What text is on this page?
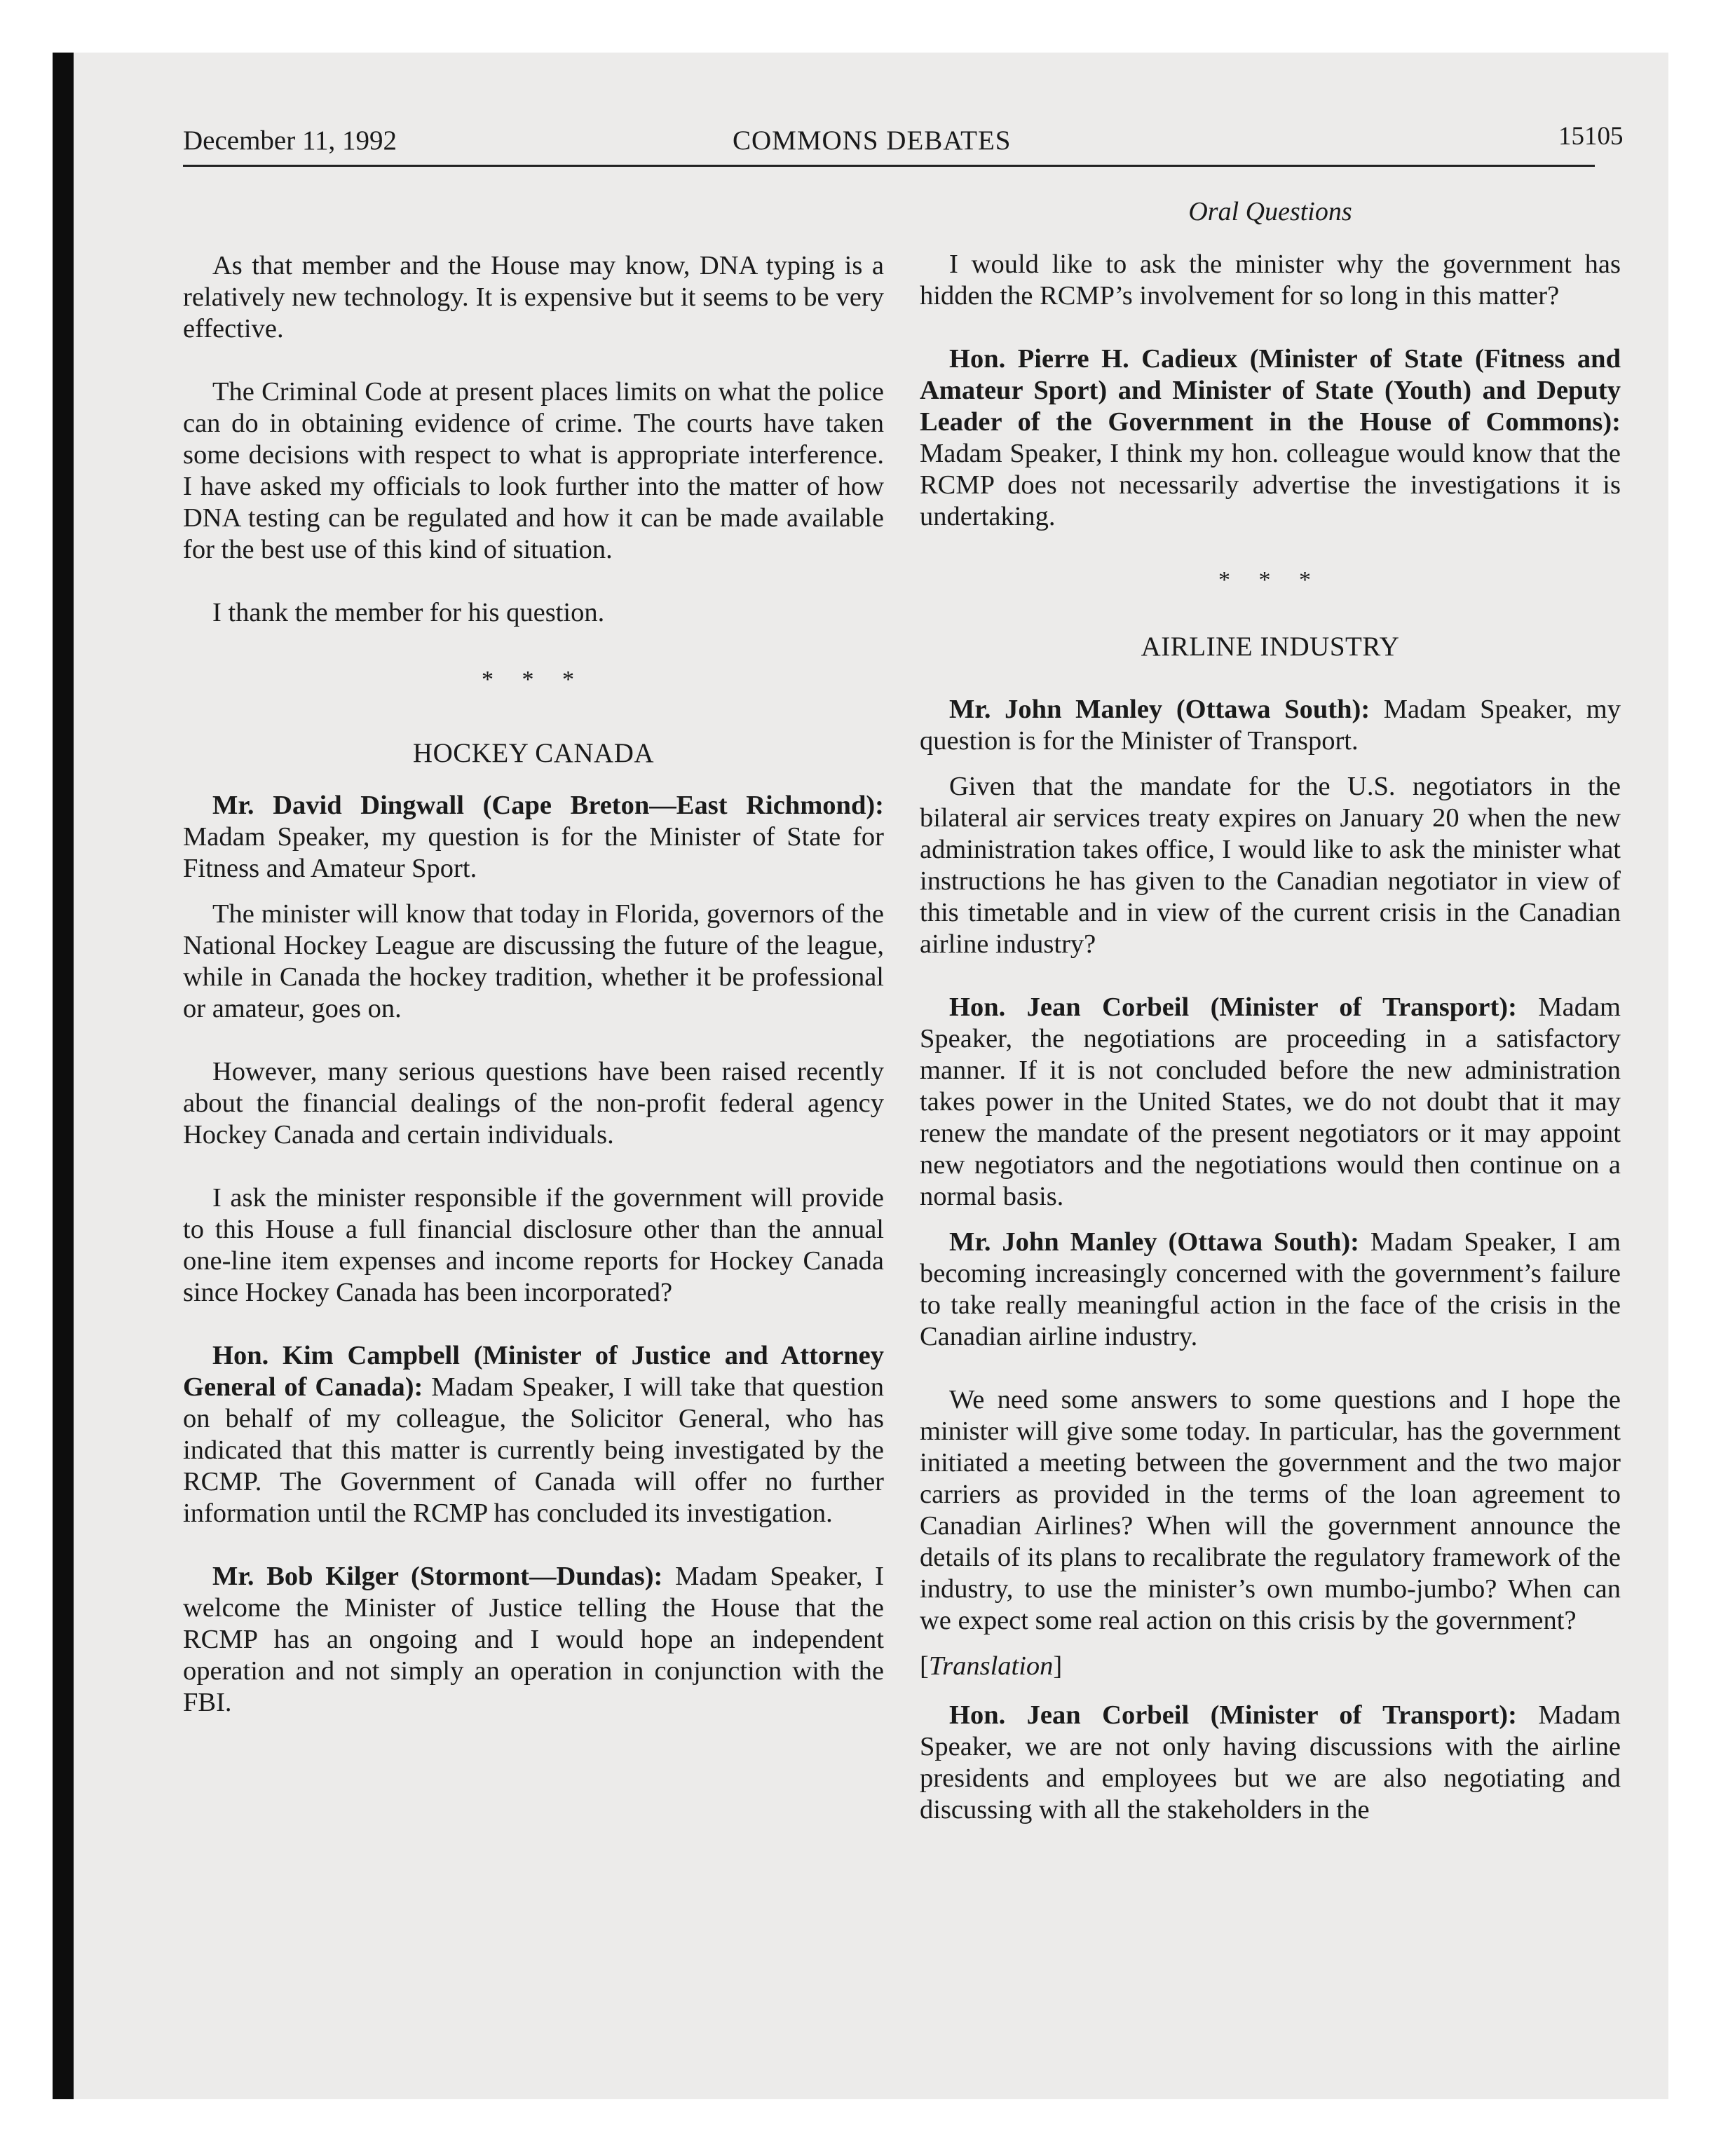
December 11, 1992	COMMONS DEBATES	15105

As that member and the House may know, DNA typing is a relatively new technology. It is expensive but it seems to be very effective.

The Criminal Code at present places limits on what the police can do in obtaining evidence of crime. The courts have taken some decisions with respect to what is appropriate interference. I have asked my officials to look further into the matter of how DNA testing can be regulated and how it can be made available for the best use of this kind of situation.

I thank the member for his question.

* * *
HOCKEY CANADA

Mr. David Dingwall (Cape Breton—East Richmond): Madam Speaker, my question is for the Minister of State for Fitness and Amateur Sport.

The minister will know that today in Florida, governors of the National Hockey League are discussing the future of the league, while in Canada the hockey tradition, whether it be professional or amateur, goes on.

However, many serious questions have been raised recently about the financial dealings of the non-profit federal agency Hockey Canada and certain individuals.

I ask the minister responsible if the government will provide to this House a full financial disclosure other than the annual one-line item expenses and income reports for Hockey Canada since Hockey Canada has been incorporated?

Hon. Kim Campbell (Minister of Justice and Attorney General of Canada): Madam Speaker, I will take that question on behalf of my colleague, the Solicitor General, who has indicated that this matter is currently being investigated by the RCMP. The Government of Canada will offer no further information until the RCMP has concluded its investigation.

Mr. Bob Kilger (Stormont—Dundas): Madam Speaker, I welcome the Minister of Justice telling the House that the RCMP has an ongoing and I would hope an independent operation and not simply an operation in conjunction with the FBI.

Oral Questions

I would like to ask the minister why the government has hidden the RCMP’s involvement for so long in this matter?

Hon. Pierre H. Cadieux (Minister of State (Fitness and Amateur Sport) and Minister of State (Youth) and Deputy Leader of the Government in the House of Commons): Madam Speaker, I think my hon. colleague would know that the RCMP does not necessarily advertise the investigations it is undertaking.

* * *
AIRLINE INDUSTRY

Mr. John Manley (Ottawa South): Madam Speaker, my question is for the Minister of Transport.

Given that the mandate for the U.S. negotiators in the bilateral air services treaty expires on January 20 when the new administration takes office, I would like to ask the minister what instructions he has given to the Canadian negotiator in view of this timetable and in view of the current crisis in the Canadian airline industry?

Hon. Jean Corbeil (Minister of Transport): Madam Speaker, the negotiations are proceeding in a satisfactory manner. If it is not concluded before the new administration takes power in the United States, we do not doubt that it may renew the mandate of the present negotiators or it may appoint new negotiators and the negotiations would then continue on a normal basis.

Mr. John Manley (Ottawa South): Madam Speaker, I am becoming increasingly concerned with the government’s failure to take really meaningful action in the face of the crisis in the Canadian airline industry.

We need some answers to some questions and I hope the minister will give some today. In particular, has the government initiated a meeting between the government and the two major carriers as provided in the terms of the loan agreement to Canadian Airlines? When will the government announce the details of its plans to recalibrate the regulatory framework of the industry, to use the minister’s own mumbo-jumbo? When can we expect some real action on this crisis by the government?

[Translation]

Hon. Jean Corbeil (Minister of Transport): Madam Speaker, we are not only having discussions with the airline presidents and employees but we are also negotiating and discussing with all the stakeholders in the
